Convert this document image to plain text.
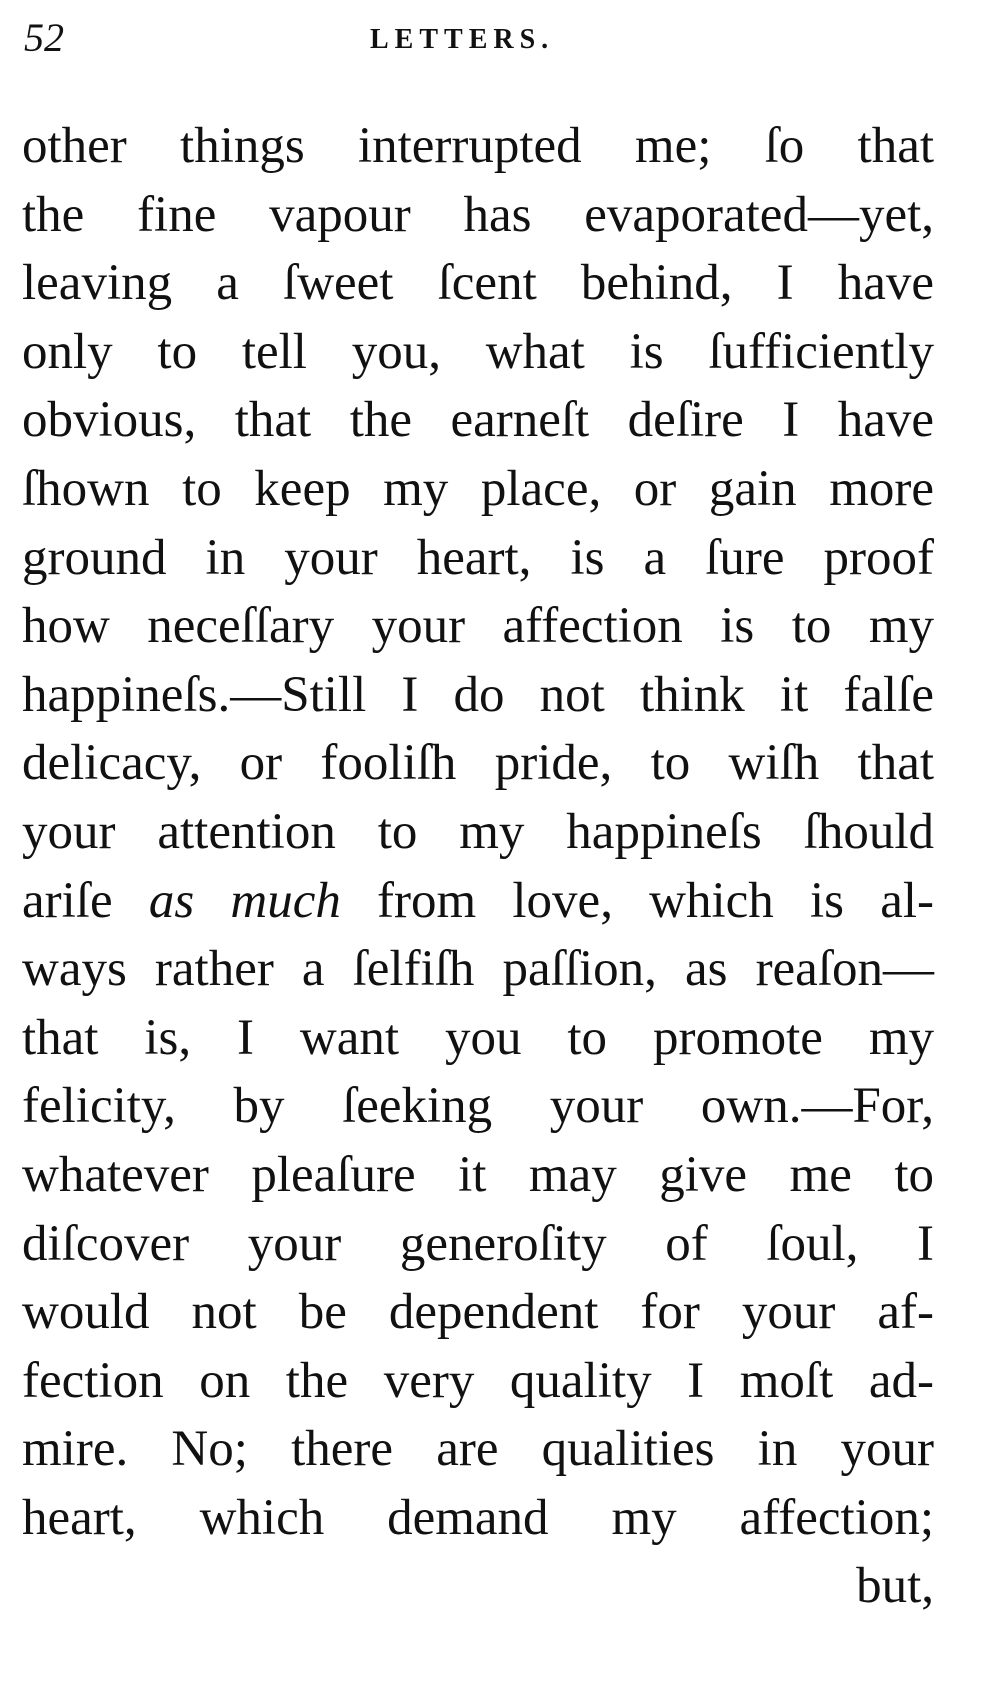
52	LETTERS.
other things interrupted me; ſo that
the fine vapour has evaporated—yet,
leaving a ſweet ſcent behind, I have
only to tell you, what is ſufficiently
obvious, that the earneſt deſire I have
ſhown to keep my place, or gain more
ground in your heart, is a ſure proof
how neceſſary your affection is to my
happineſs.—Still I do not think it falſe
delicacy, or fooliſh pride, to wiſh that
your attention to my happineſs ſhould
ariſe as much from love, which is al-
ways rather a ſelfiſh paſſion, as reaſon—
that is, I want you to promote my
felicity, by ſeeking your own.—For,
whatever pleaſure it may give me to
diſcover your generoſity of ſoul, I
would not be dependent for your af-
fection on the very quality I moſt ad-
mire. No; there are qualities in your
heart, which demand my affection;
but,
